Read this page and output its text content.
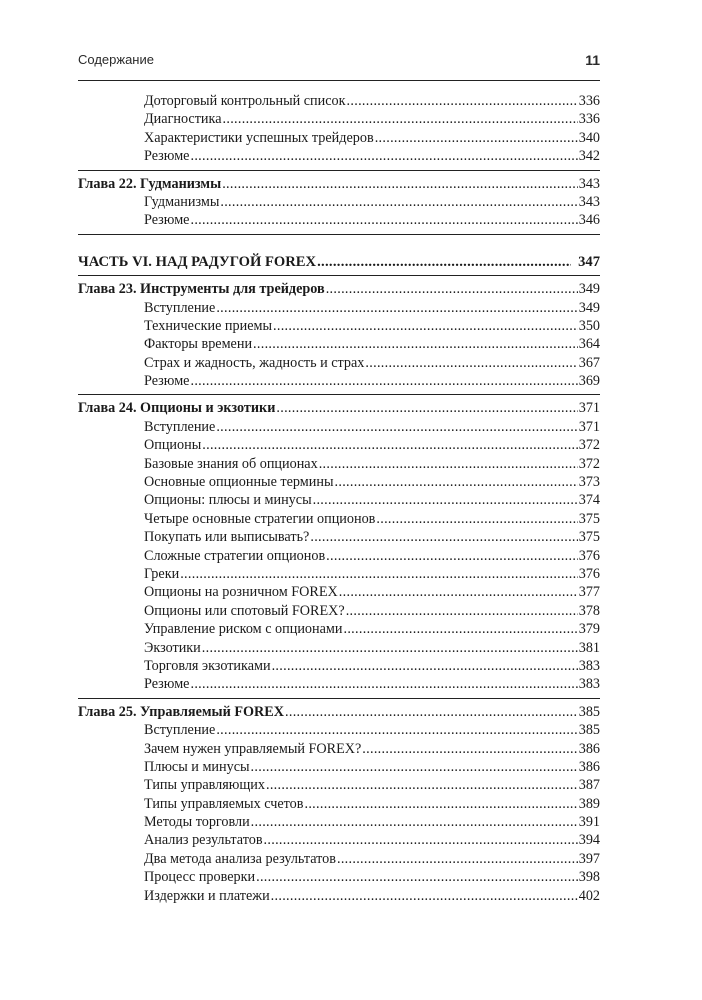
Содержание	11
Доторговый контрольный список .....	336
Диагностика .....	336
Характеристики успешных трейдеров .....	340
Резюме .....	342
Глава 22. Гудманизмы .....	343
Гудманизмы .....	343
Резюме .....	346
ЧАСТЬ VI. НАД РАДУГОЙ FOREX .....	347
Глава 23. Инструменты для трейдеров .....	349
Вступление .....	349
Технические приемы .....	350
Факторы времени .....	364
Страх и жадность, жадность и страх .....	367
Резюме .....	369
Глава 24. Опционы и экзотики .....	371
Вступление .....	371
Опционы .....	372
Базовые знания об опционах .....	372
Основные опционные термины .....	373
Опционы: плюсы и минусы .....	374
Четыре основные стратегии опционов .....	375
Покупать или выписывать? .....	375
Сложные стратегии опционов .....	376
Греки .....	376
Опционы на розничном FOREX .....	377
Опционы или спотовый FOREX? .....	378
Управление риском с опционами .....	379
Экзотики .....	381
Торговля экзотиками .....	383
Резюме .....	383
Глава 25. Управляемый FOREX .....	385
Вступление .....	385
Зачем нужен управляемый FOREX? .....	386
Плюсы и минусы .....	386
Типы управляющих .....	387
Типы управляемых счетов .....	389
Методы торговли .....	391
Анализ результатов .....	394
Два метода анализа результатов .....	397
Процесс проверки .....	398
Издержки и платежи .....	402
